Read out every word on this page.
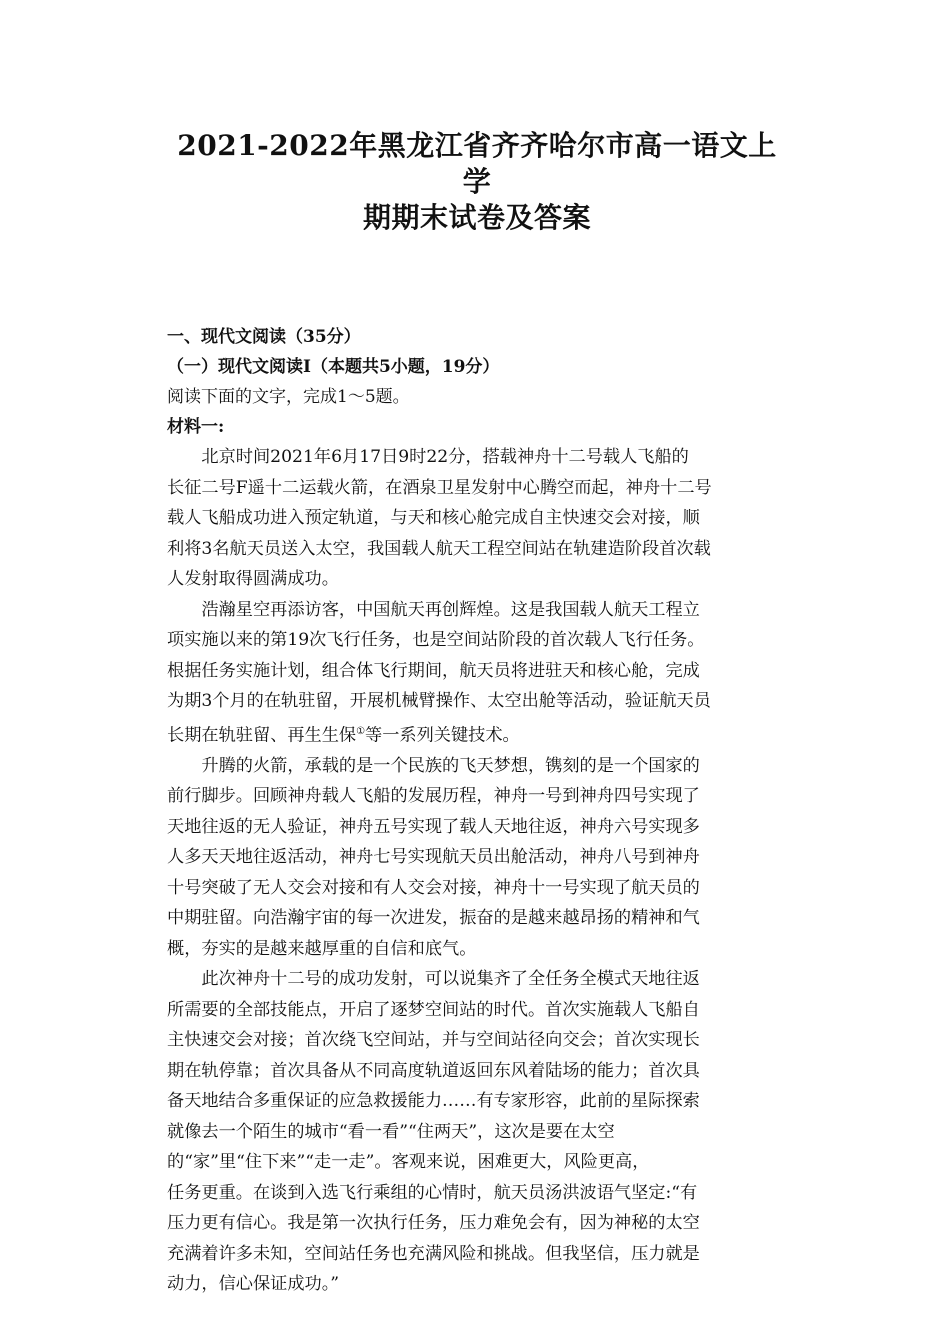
2021-2022年黑龙江省齐齐哈尔市高一语文上学
期期末试卷及答案

一、现代文阅读（35分）

（一）现代文阅读Ⅰ（本题共5小题，19分）

阅读下面的文字，完成1～5题。

材料一:

北京时间2021年6月17日9时22分，搭载神舟十二号载人飞船的
长征二号F遥十二运载火箭，在酒泉卫星发射中心腾空而起，神舟十二号
载人飞船成功进入预定轨道，与天和核心舱完成自主快速交会对接，顺
利将3名航天员送入太空，我国载人航天工程空间站在轨建造阶段首次载
人发射取得圆满成功。

浩瀚星空再添访客，中国航天再创辉煌。这是我国载人航天工程立
项实施以来的第19次飞行任务，也是空间站阶段的首次载人飞行任务。
根据任务实施计划，组合体飞行期间，航天员将进驻天和核心舱，完成
为期3个月的在轨驻留，开展机械臂操作、太空出舱等活动，验证航天员
长期在轨驻留、再生生保①等一系列关键技术。

升腾的火箭，承载的是一个民族的飞天梦想，镌刻的是一个国家的
前行脚步。回顾神舟载人飞船的发展历程，神舟一号到神舟四号实现了
天地往返的无人验证，神舟五号实现了载人天地往返，神舟六号实现多
人多天天地往返活动，神舟七号实现航天员出舱活动，神舟八号到神舟
十号突破了无人交会对接和有人交会对接，神舟十一号实现了航天员的
中期驻留。向浩瀚宇宙的每一次进发，振奋的是越来越昂扬的精神和气
概，夯实的是越来越厚重的自信和底气。

此次神舟十二号的成功发射，可以说集齐了全任务全模式天地往返
所需要的全部技能点，开启了逐梦空间站的时代。首次实施载人飞船自
主快速交会对接；首次绕飞空间站，并与空间站径向交会；首次实现长
期在轨停靠；首次具备从不同高度轨道返回东风着陆场的能力；首次具
备天地结合多重保证的应急救援能力……有专家形容，此前的星际探索
就像去一个陌生的城市“看一看”“住两天”，这次是要在太空
的“家”里“住下来”“走一走”。客观来说，困难更大，风险更高，
任务更重。在谈到入选飞行乘组的心情时，航天员汤洪波语气坚定:“有
压力更有信心。我是第一次执行任务，压力难免会有，因为神秘的太空
充满着许多未知，空间站任务也充满风险和挑战。但我坚信，压力就是
动力，信心保证成功。”
